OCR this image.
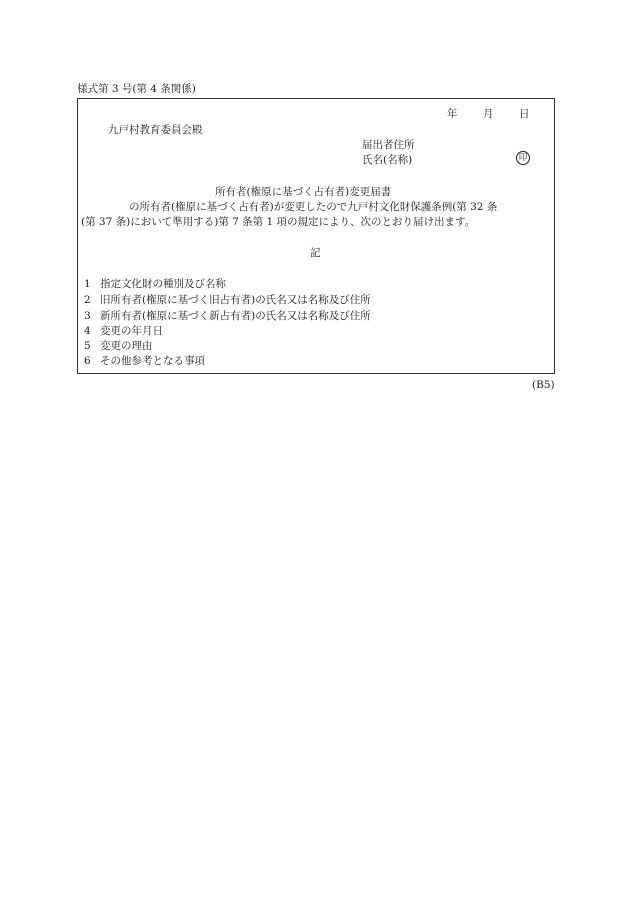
様式第 3 号(第 4 条関係)
年 月 日
九戸村教育委員会殿
届出者住所
氏名(名称)	印
所有者(権原に基づく占有者)変更届書
の所有者(権原に基づく占有者)が変更したので九戸村文化財保護条例(第 32 条
(第 37 条)において準用する)第 7 条第 1 項の規定により、次のとおり届け出ます。
記
1 指定文化財の種別及び名称
2 旧所有者(権原に基づく旧占有者)の氏名又は名称及び住所
3 新所有者(権原に基づく新占有者)の氏名又は名称及び住所
4 変更の年月日
5 変更の理由
6 その他参考となる事項
(B5)
